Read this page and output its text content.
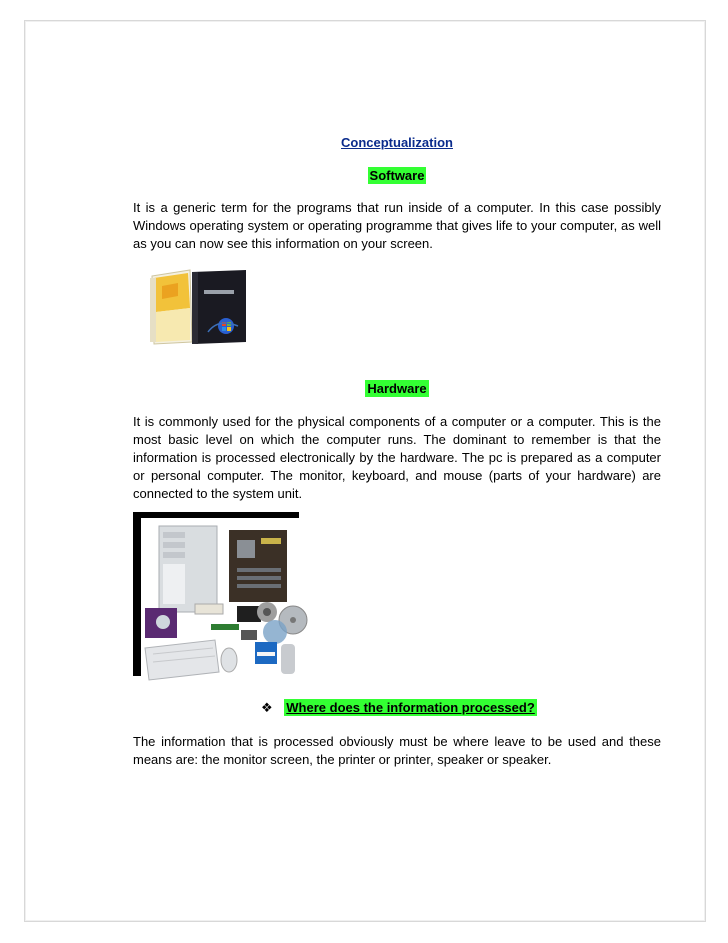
Conceptualization
Software

It is a generic term for the programs that run inside of a computer. In this case possibly Windows operating system or operating programme that gives life to your computer, as well as you can now see this information on your screen.

Hardware

It is commonly used for the physical components of a computer or a computer. This is the most basic level on which the computer runs. The dominant to remember is that the information is processed electronically by the hardware. The pc is prepared as a computer or personal computer. The monitor, keyboard, and mouse (parts of your hardware) are connected to the system unit.

❖ Where does the information processed?

The information that is processed obviously must be where leave to be used and these means are: the monitor screen, the printer or printer, speaker or speaker.
